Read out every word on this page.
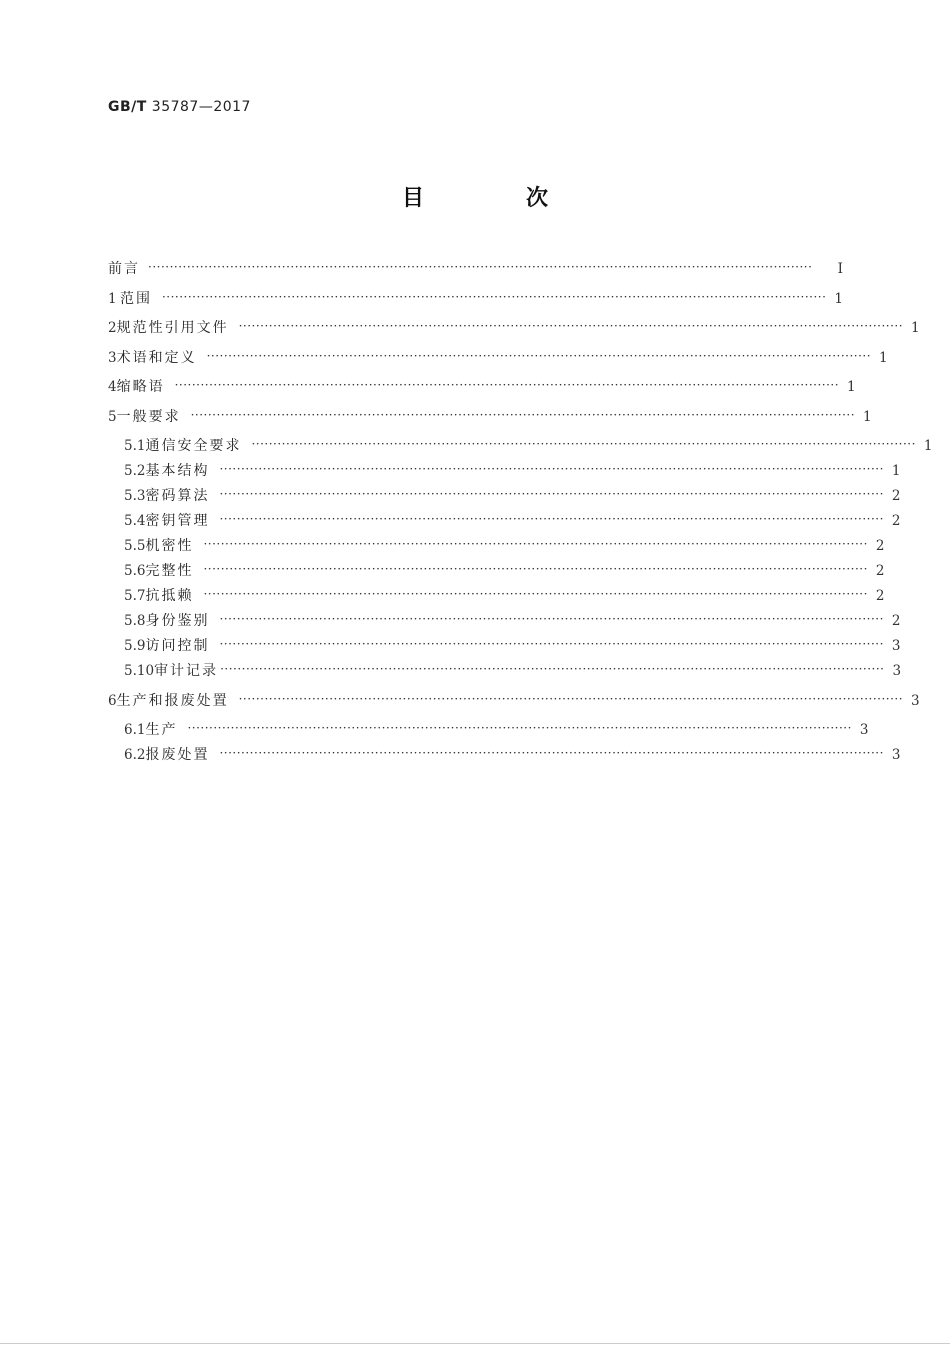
GB/T 35787—2017
目　次
前言 ··························································································································································	Ⅰ
1 范围 ·························································································································································· 1
2 规范性引用文件 ·························································································································································· 1
3 术语和定义 ·························································································································································· 1
4 缩略语 ·························································································································································· 1
5 一般要求 ·························································································································································· 1
5.1 通信安全要求 ·························································································································································· 1
5.2 基本结构 ·························································································································································· 1
5.3 密码算法 ·························································································································································· 2
5.4 密钥管理 ·························································································································································· 2
5.5 机密性 ·························································································································································· 2
5.6 完整性 ·························································································································································· 2
5.7 抗抵赖 ·························································································································································· 2
5.8 身份鉴别 ·························································································································································· 2
5.9 访问控制 ·························································································································································· 3
5.10 审计记录 ·························································································································································· 3
6 生产和报废处置 ·························································································································································· 3
6.1 生产 ·························································································································································· 3
6.2 报废处置 ·························································································································································· 3
